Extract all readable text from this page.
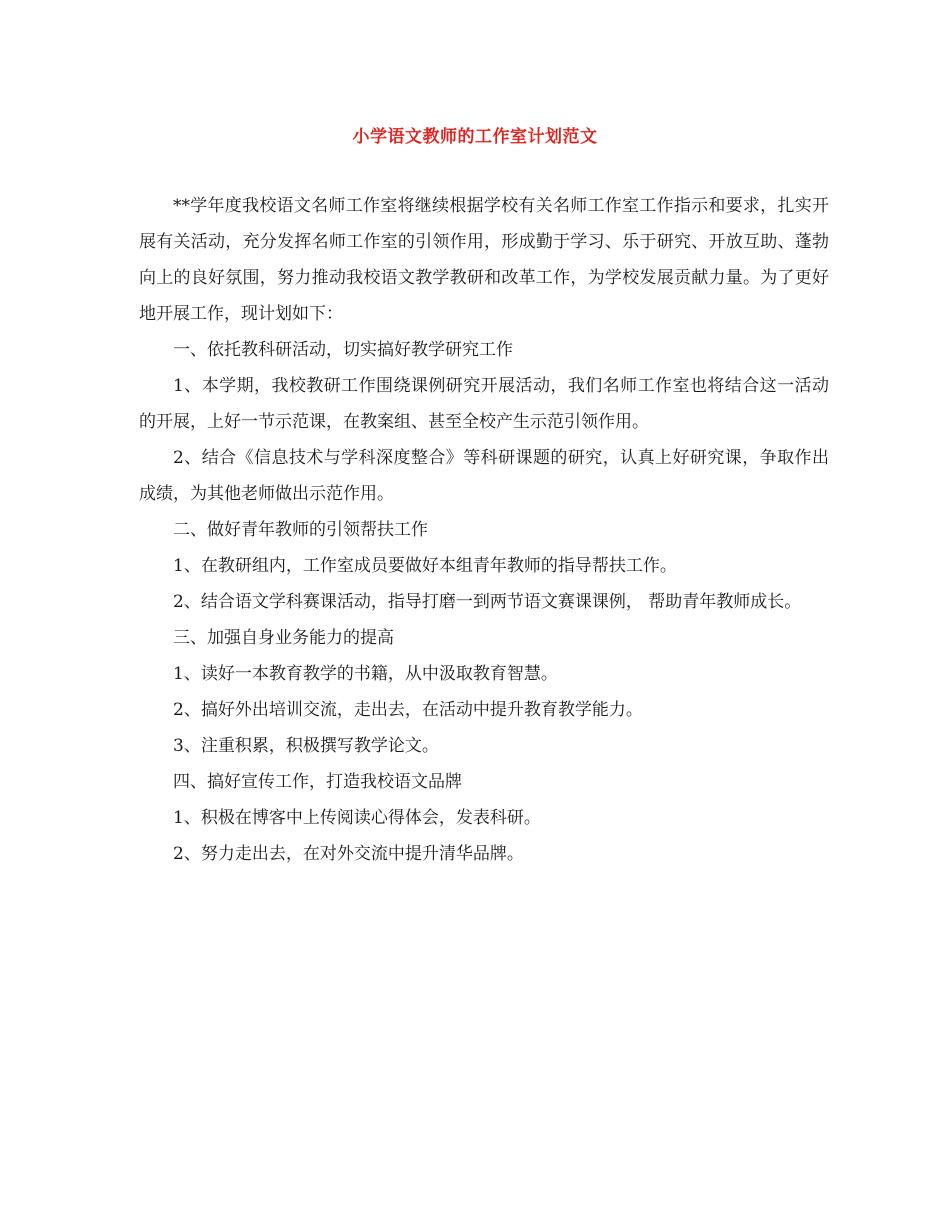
小学语文教师的工作室计划范文

**学年度我校语文名师工作室将继续根据学校有关名师工作室工作指示和要求，扎实开展有关活动，充分发挥名师工作室的引领作用，形成勤于学习、乐于研究、开放互助、蓬勃向上的良好氛围，努力推动我校语文教学教研和改革工作，为学校发展贡献力量。为了更好地开展工作，现计划如下：

一、依托教科研活动，切实搞好教学研究工作

1、本学期，我校教研工作围绕课例研究开展活动，我们名师工作室也将结合这一活动的开展，上好一节示范课，在教案组、甚至全校产生示范引领作用。

2、结合《信息技术与学科深度整合》等科研课题的研究，认真上好研究课，争取作出成绩，为其他老师做出示范作用。

二、做好青年教师的引领帮扶工作

1、在教研组内，工作室成员要做好本组青年教师的指导帮扶工作。

2、结合语文学科赛课活动，指导打磨一到两节语文赛课课例， 帮助青年教师成长。

三、加强自身业务能力的提高

1、读好一本教育教学的书籍，从中汲取教育智慧。

2、搞好外出培训交流，走出去，在活动中提升教育教学能力。

3、注重积累，积极撰写教学论文。

四、搞好宣传工作，打造我校语文品牌

1、积极在博客中上传阅读心得体会，发表科研。

2、努力走出去，在对外交流中提升清华品牌。
